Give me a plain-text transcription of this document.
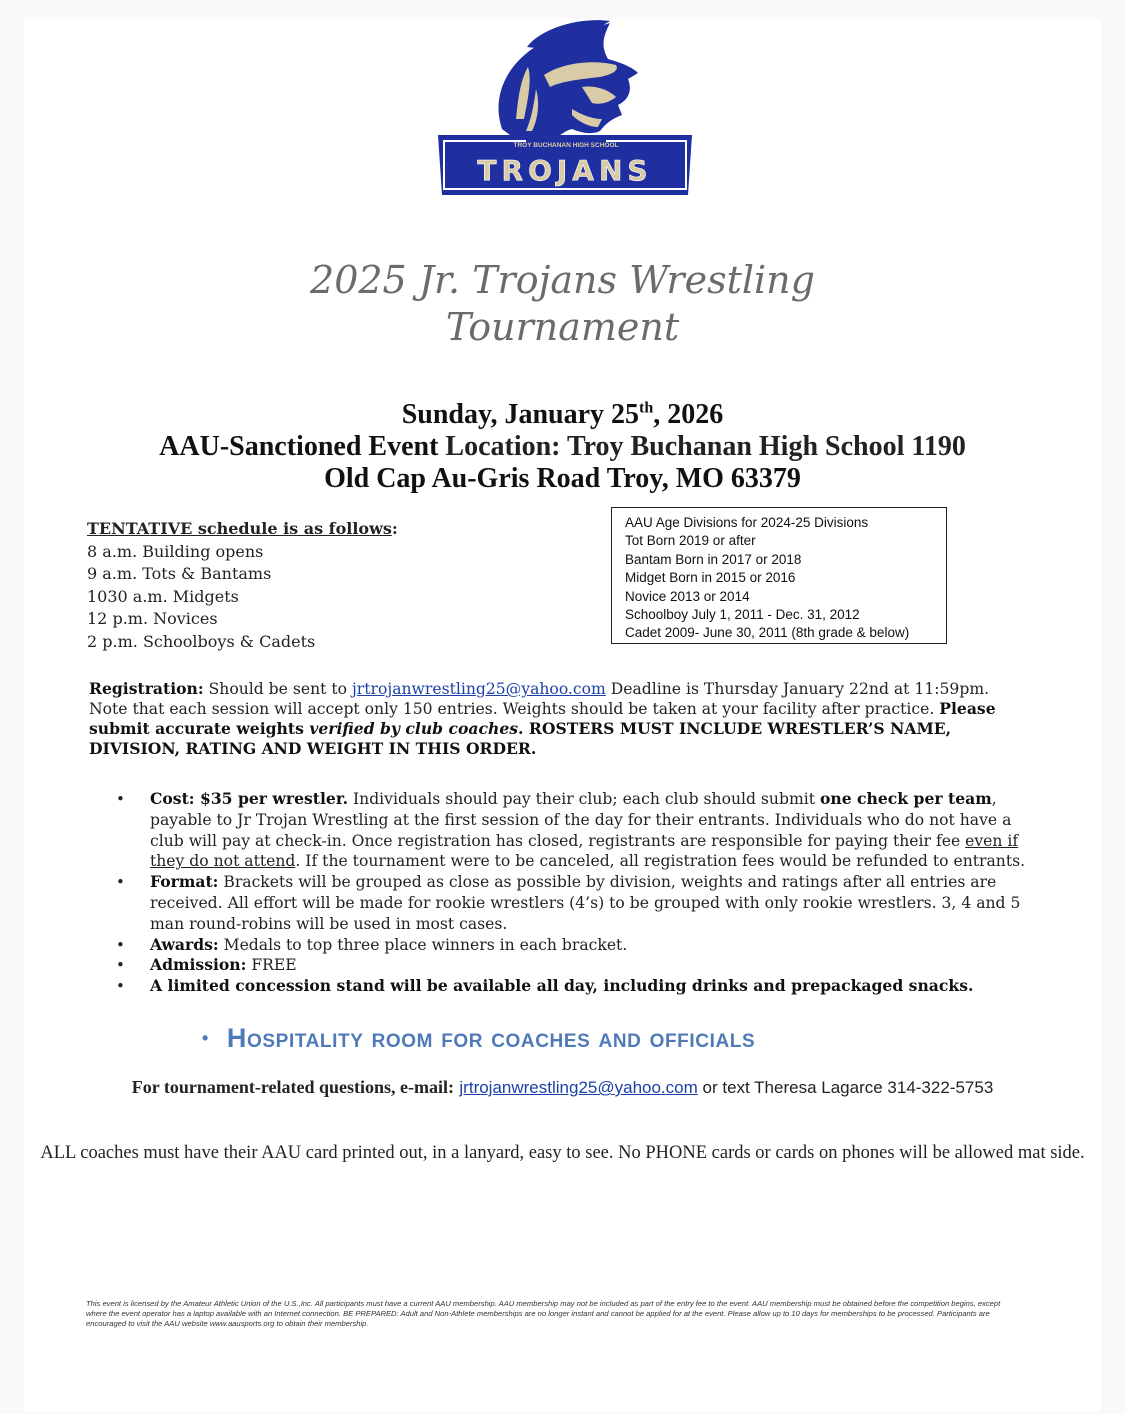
TROY BUCHANAN HIGH SCHOOL
TROJANS
2025 Jr. Trojans Wrestling
Tournament
Sunday, January 25th, 2026
AAU-Sanctioned Event Location: Troy Buchanan High School 1190
Old Cap Au-Gris Road Troy, MO 63379
TENTATIVE schedule is as follows:
8 a.m. Building opens
9 a.m. Tots & Bantams
1030 a.m. Midgets
12 p.m. Novices
2 p.m. Schoolboys & Cadets
AAU Age Divisions for 2024-25 Divisions
Tot Born 2019 or after
Bantam Born in 2017 or 2018
Midget Born in 2015 or 2016
Novice 2013 or 2014
Schoolboy July 1, 2011 - Dec. 31, 2012
Cadet 2009- June 30, 2011 (8th grade & below)
Registration: Should be sent to jrtrojanwrestling25@yahoo.com Deadline is Thursday January 22nd at 11:59pm. Note that each session will accept only 150 entries. Weights should be taken at your facility after practice. Please submit accurate weights verified by club coaches. ROSTERS MUST INCLUDE WRESTLER’S NAME, DIVISION, RATING AND WEIGHT IN THIS ORDER.
• Cost: $35 per wrestler. Individuals should pay their club; each club should submit one check per team, payable to Jr Trojan Wrestling at the first session of the day for their entrants. Individuals who do not have a club will pay at check-in. Once registration has closed, registrants are responsible for paying their fee even if they do not attend. If the tournament were to be canceled, all registration fees would be refunded to entrants.
• Format: Brackets will be grouped as close as possible by division, weights and ratings after all entries are received. All effort will be made for rookie wrestlers (4’s) to be grouped with only rookie wrestlers. 3, 4 and 5 man round-robins will be used in most cases.
• Awards: Medals to top three place winners in each bracket.
• Admission: FREE
• A limited concession stand will be available all day, including drinks and prepackaged snacks.
• Hospitality room for coaches and officials
For tournament-related questions, e-mail: jrtrojanwrestling25@yahoo.com or text Theresa Lagarce 314-322-5753
ALL coaches must have their AAU card printed out, in a lanyard, easy to see. No PHONE cards or cards on phones will be allowed mat side.
This event is licensed by the Amateur Athletic Union of the U.S.,Inc. All participants must have a current AAU membership. AAU membership may not be included as part of the entry fee to the event. AAU membership must be obtained before the competition begins, except where the event operator has a laptop available with an Internet connection. BE PREPARED: Adult and Non-Athlete memberships are no longer instant and cannot be applied for at the event. Please allow up to 10 days for memberships to be processed. Participants are encouraged to visit the AAU website www.aausports.org to obtain their membership.
